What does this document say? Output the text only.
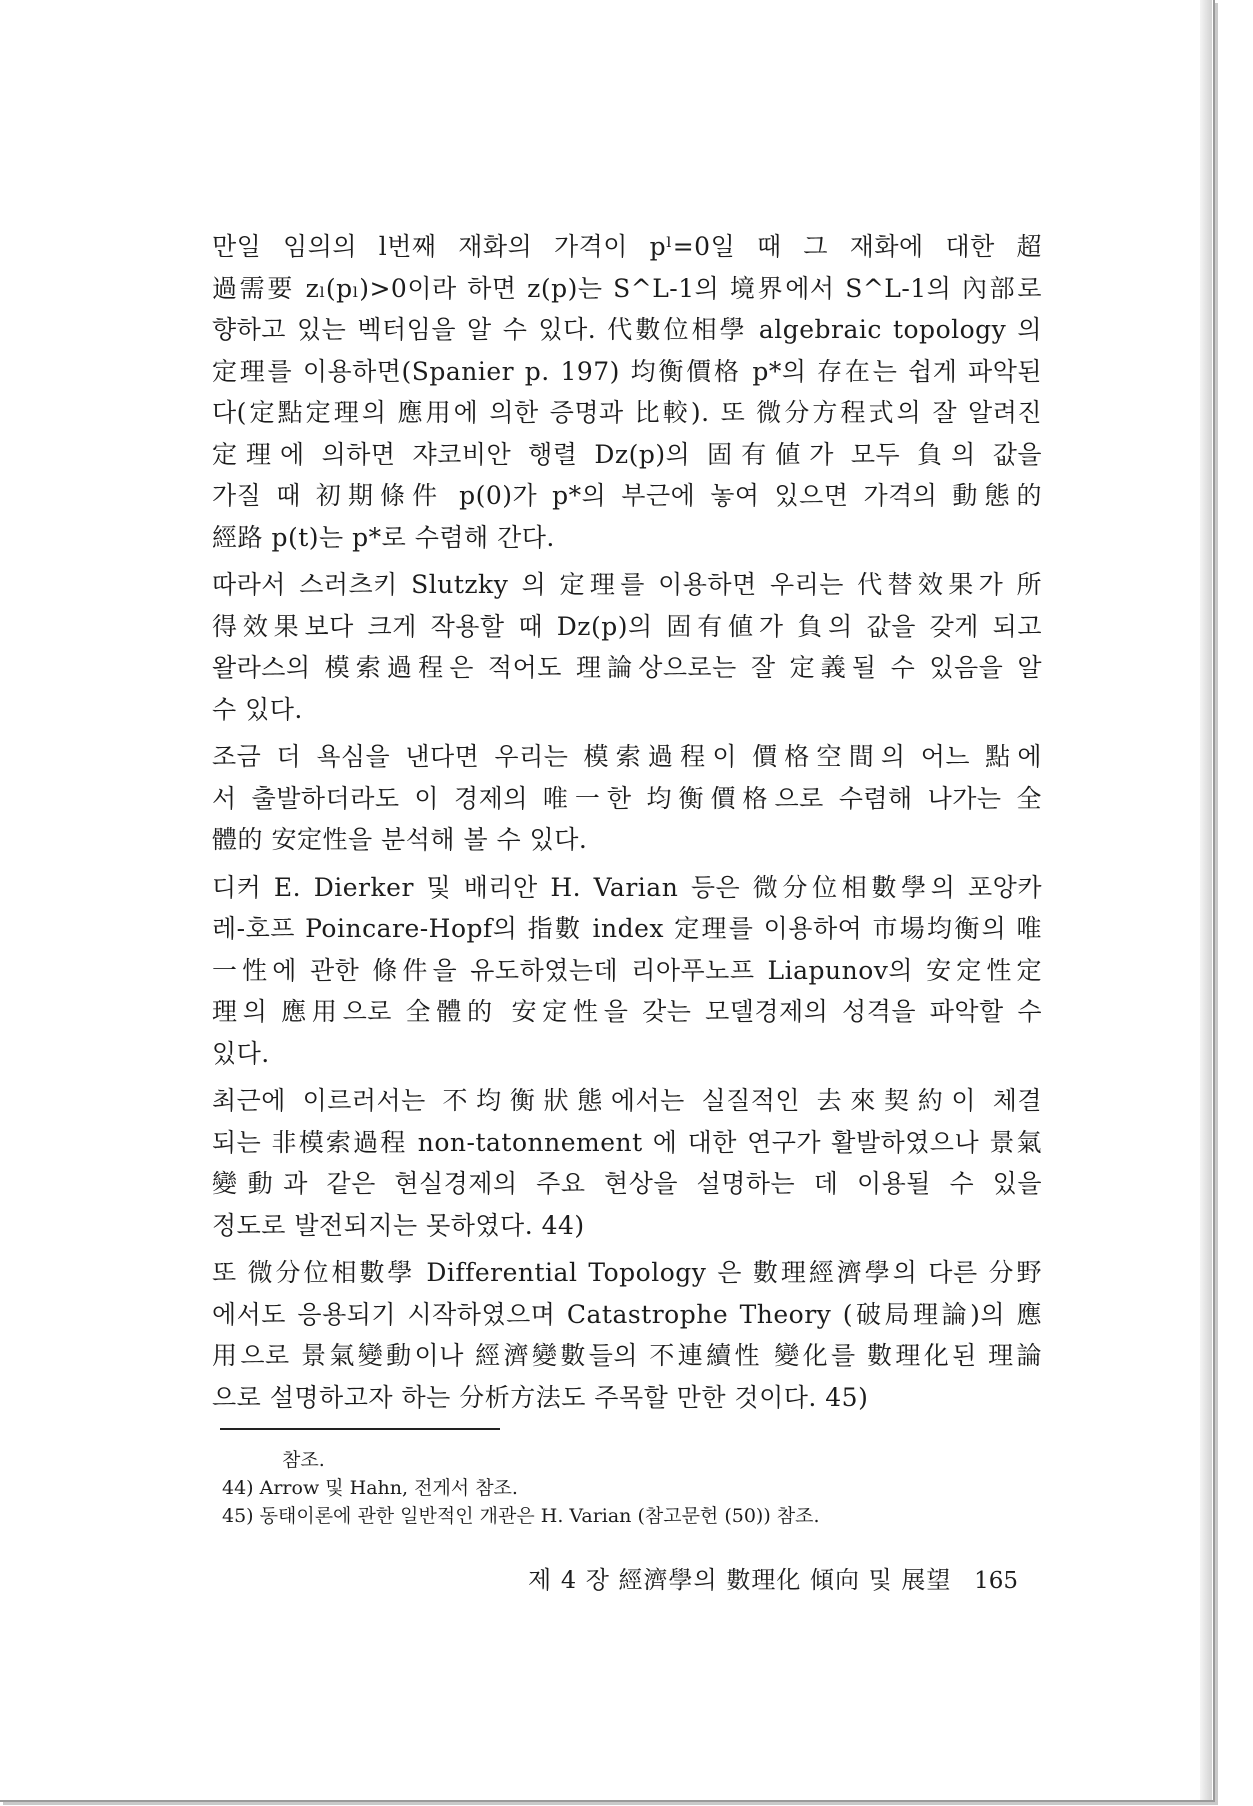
만일 임의의 l번째 재화의 가격이 pˡ=0일 때 그 재화에 대한 超
過需要 zₗ(pₗ)>0이라 하면 z(p)는 S^L-1의 境界에서 S^L-1의 內部로
향하고 있는 벡터임을 알 수 있다. 代數位相學 algebraic topology 의
定理를 이용하면(Spanier p. 197) 均衡價格 p*의 存在는 쉽게 파악된
다(定點定理의 應用에 의한 증명과 比較). 또 微分方程式의 잘 알려진
定理에 의하면 쟈코비안 행렬 Dz(p)의 固有値가 모두 負의 값을
가질 때 初期條件 p(0)가 p*의 부근에 놓여 있으면 가격의 動態的
經路 p(t)는 p*로 수렴해 간다.
따라서 스러츠키 Slutzky 의 定理를 이용하면 우리는 代替效果가 所
得效果보다 크게 작용할 때 Dz(p)의 固有値가 負의 값을 갖게 되고
왈라스의 模索過程은 적어도 理論상으로는 잘 定義될 수 있음을 알
수 있다.
조금 더 욕심을 낸다면 우리는 模索過程이 價格空間의 어느 點에
서 출발하더라도 이 경제의 唯一한 均衡價格으로 수렴해 나가는 全
體的 安定性을 분석해 볼 수 있다.
디커 E. Dierker 및 배리안 H. Varian 등은 微分位相數學의 포앙카
레-호프 Poincare-Hopf의 指數 index 定理를 이용하여 市場均衡의 唯
一性에 관한 條件을 유도하였는데 리아푸노프 Liapunov의 安定性定
理의 應用으로 全體的 安定性을 갖는 모델경제의 성격을 파악할 수
있다.
최근에 이르러서는 不均衡狀態에서는 실질적인 去來契約이 체결
되는 非模索過程 non-tatonnement 에 대한 연구가 활발하였으나 景氣
變動과 같은 현실경제의 주요 현상을 설명하는 데 이용될 수 있을
정도로 발전되지는 못하였다. 44)
또 微分位相數學 Differential Topology 은 數理經濟學의 다른 分野
에서도 응용되기 시작하였으며 Catastrophe Theory (破局理論)의 應
用으로 景氣變動이나 經濟變數들의 不連續性 變化를 數理化된 理論
으로 설명하고자 하는 分析方法도 주목할 만한 것이다. 45)
참조.
44) Arrow 및 Hahn, 전게서 참조.
45) 동태이론에 관한 일반적인 개관은 H. Varian (참고문헌 (50)) 참조.
제 4 장 經濟學의 數理化 傾向 및 展望 165
